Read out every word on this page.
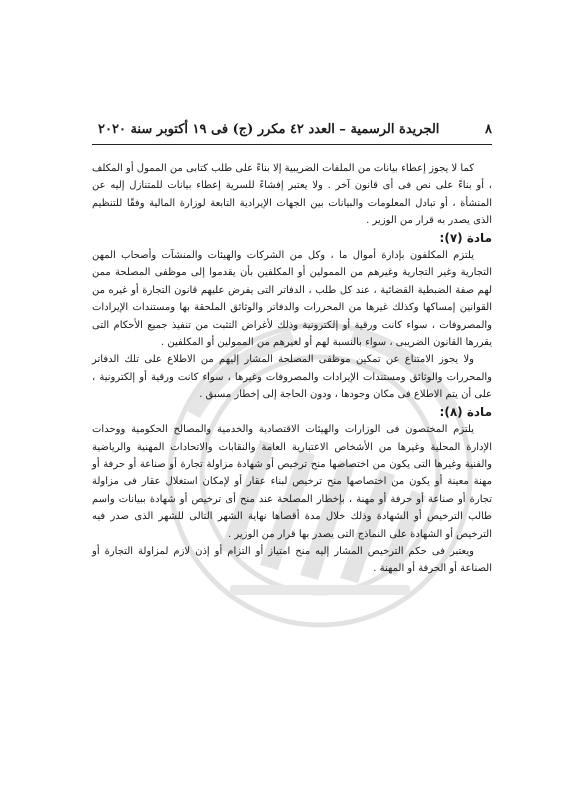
٨
الجريدة الرسمية – العدد ٤٢ مكرر (ج) فى ١٩ أكتوبر سنة ٢٠٢٠

كما لا يجوز إعطاء بيانات من الملفات الضريبية إلا بناءً على طلب كتابى من الممول أو المكلف ، أو بناءً على نص فى أى قانون آخر . ولا يعتبر إفشاءً للسرية إعطاء بيانات للمتنازل إليه عن المنشأة ، أو تبادل المعلومات والبيانات بين الجهات الإيرادية التابعة لوزارة المالية وفقًا للتنظيم الذى يصدر به قرار من الوزير .

مادة (٧):

يلتزم المكلفون بإدارة أموال ما ، وكل من الشركات والهيئات والمنشآت وأصحاب المهن التجارية وغير التجارية وغيرهم من الممولين أو المكلفين بأن يقدموا إلى موظفى المصلحة ممن لهم صفة الضبطية القضائية ، عند كل طلب ، الدفاتر التى يفرض عليهم قانون التجارة أو غيره من القوانين إمساكها وكذلك غيرها من المحررات والدفاتر والوثائق الملحقة بها ومستندات الإيرادات والمصروفات ، سواء كانت ورقية أو إلكترونية وذلك لأغراض التثبت من تنفيذ جميع الأحكام التى يقررها القانون الضريبى ، سواء بالنسبة لهم أو لغيرهم من الممولين أو المكلفين .

ولا يجوز الامتناع عن تمكين موظفى المصلحة المشار إليهم من الاطلاع على تلك الدفاتر والمحررات والوثائق ومستندات الإيرادات والمصروفات وغيرها ، سواء كانت ورقية أو إلكترونية ، على أن يتم الاطلاع فى مكان وجودها ، ودون الحاجة إلى إخطار مسبق .

مادة (٨):

يلتزم المختصون فى الوزارات والهيئات الاقتصادية والخدمية والمصالح الحكومية ووحدات الإدارة المحلية وغيرها من الأشخاص الاعتبارية العامة والنقابات والاتحادات المهنية والرياضية والفنية وغيرها التى يكون من اختصاصها منح ترخيص أو شهادة مزاولة تجارة أو صناعة أو حرفة أو مهنة معينة أو يكون من اختصاصها منح ترخيص لبناء عقار أو لإمكان استغلال عقار فى مزاولة تجارة أو صناعة أو حرفة أو مهنة ، بإخطار المصلحة عند منح أى ترخيص أو شهادة ببيانات واسم طالب الترخيص أو الشهادة وذلك خلال مدة أقصاها نهاية الشهر التالى للشهر الذى صدر فيه الترخيص أو الشهادة على النماذج التى يصدر بها قرار من الوزير .

ويعتبر فى حكم الترخيص المشار إليه منح امتياز أو التزام أو إذن لازم لمزاولة التجارة أو الصناعة أو الحرفة أو المهنة .
